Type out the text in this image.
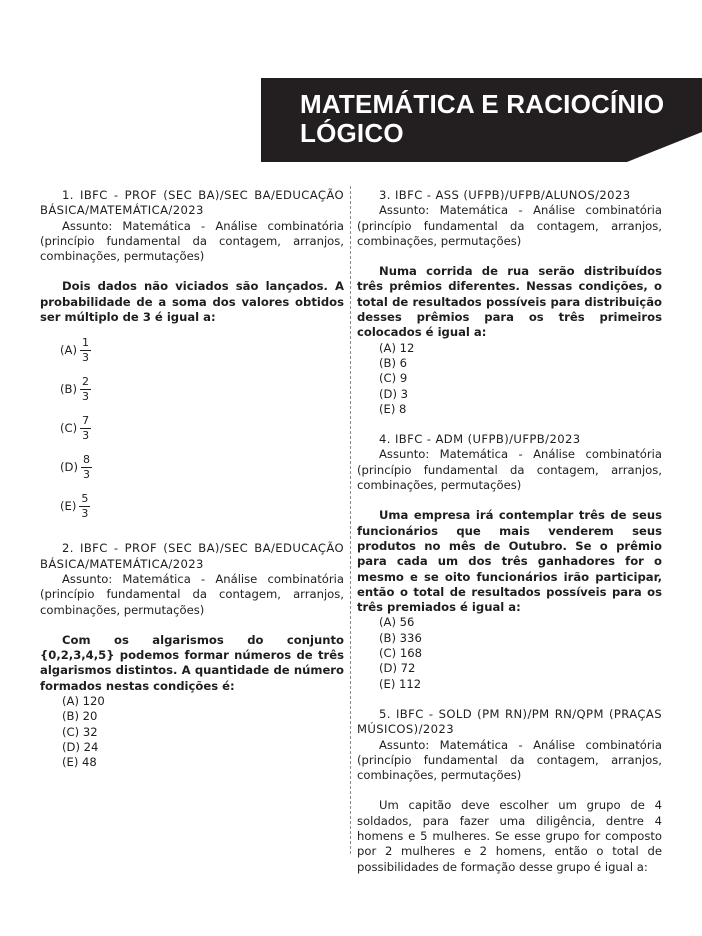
MATEMÁTICA E RACIOCÍNIO
LÓGICO

1. IBFC - PROF (SEC BA)/SEC BA/EDUCAÇÃO BÁSICA/MATEMÁTICA/2023

Assunto: Matemática - Análise combinatória (princípio fundamental da contagem, arranjos, combinações, permutações)

Dois dados não viciados são lançados. A probabilidade de a soma dos valores obtidos ser múltiplo de 3 é igual a:

$(A) \frac{1}{3}$
$(B) \frac{2}{3}$
$(C) \frac{7}{3}$
$(D) \frac{8}{3}$
$(E) \frac{5}{3}$

2. IBFC - PROF (SEC BA)/SEC BA/EDUCAÇÃO BÁSICA/MATEMÁTICA/2023

Assunto: Matemática - Análise combinatória (princípio fundamental da contagem, arranjos, combinações, permutações)

Com os algarismos do conjunto {0,2,3,4,5} podemos formar números de três algarismos distintos. A quantidade de número formados nestas condições é:

(A) 120

(B) 20

(C) 32

(D) 24

(E) 48

3. IBFC - ASS (UFPB)/UFPB/ALUNOS/2023

Assunto: Matemática - Análise combinatória (princípio fundamental da contagem, arranjos, combinações, permutações)

Numa corrida de rua serão distribuídos três prêmios diferentes. Nessas condições, o total de resultados possíveis para distribuição desses prêmios para os três primeiros colocados é igual a:

(A) 12

(B) 6

(C) 9

(D) 3

(E) 8

4. IBFC - ADM (UFPB)/UFPB/2023

Assunto: Matemática - Análise combinatória (princípio fundamental da contagem, arranjos, combinações, permutações)

Uma empresa irá contemplar três de seus funcionários que mais venderem seus produtos no mês de Outubro. Se o prêmio para cada um dos três ganhadores for o mesmo e se oito funcionários irão participar, então o total de resultados possíveis para os três premiados é igual a:

(A) 56

(B) 336

(C) 168

(D) 72

(E) 112

5. IBFC - SOLD (PM RN)/PM RN/QPM (PRAÇAS MÚSICOS)/2023

Assunto: Matemática - Análise combinatória (princípio fundamental da contagem, arranjos, combinações, permutações)

Um capitão deve escolher um grupo de 4 soldados, para fazer uma diligência, dentre 4 homens e 5 mulheres. Se esse grupo for composto por 2 mulheres e 2 homens, então o total de possibilidades de formação desse grupo é igual a:
